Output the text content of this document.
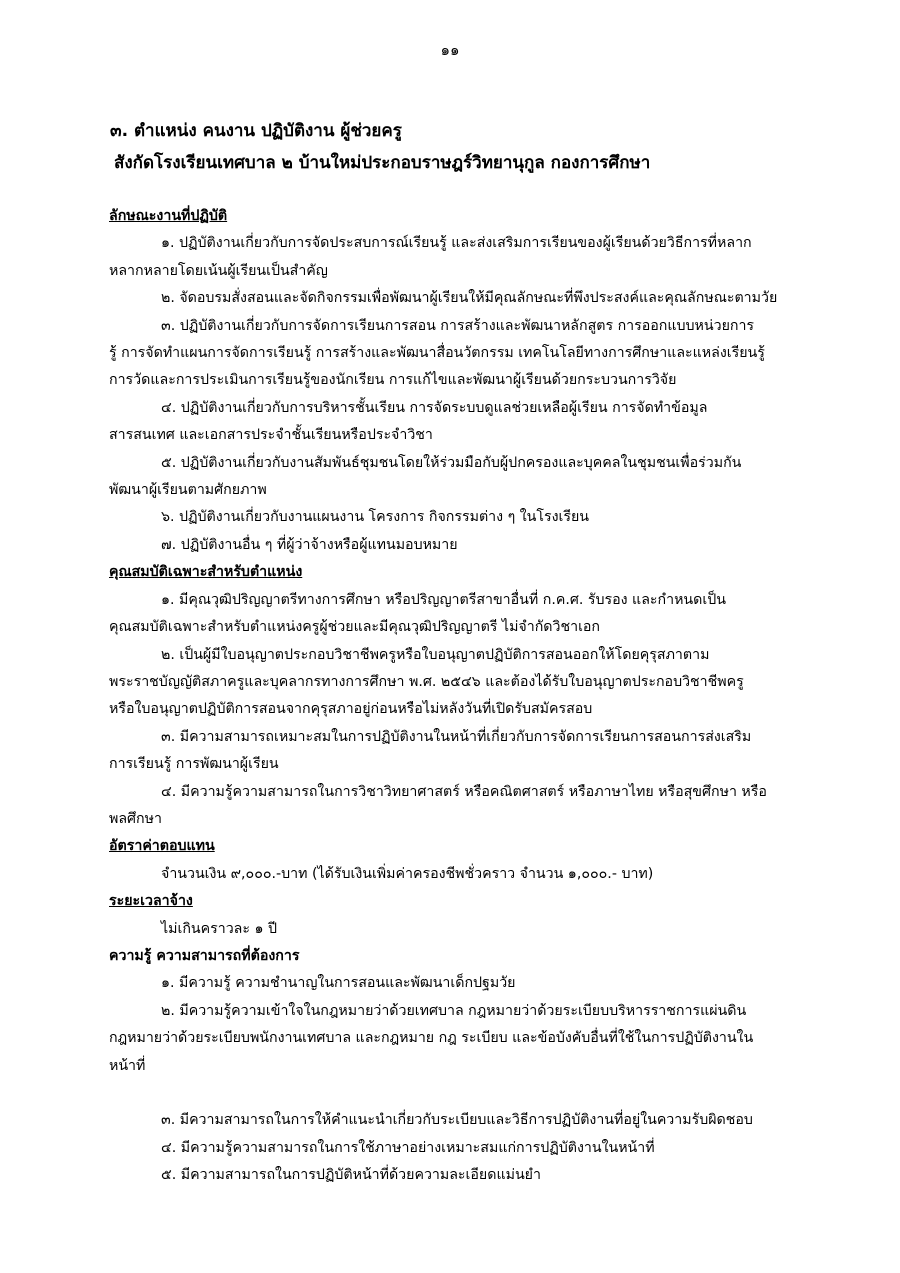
๑๑
๓. ตำแหน่ง คนงาน ปฏิบัติงาน ผู้ช่วยครู
สังกัดโรงเรียนเทศบาล ๒ บ้านใหม่ประกอบราษฎร์วิทยานุกูล กองการศึกษา
ลักษณะงานที่ปฏิบัติ
๑. ปฏิบัติงานเกี่ยวกับการจัดประสบการณ์เรียนรู้ และส่งเสริมการเรียนของผู้เรียนด้วยวิธีการที่หลาก
หลากหลายโดยเน้นผู้เรียนเป็นสำคัญ
๒. จัดอบรมสั่งสอนและจัดกิจกรรมเพื่อพัฒนาผู้เรียนให้มีคุณลักษณะที่พึงประสงค์และคุณลักษณะตามวัย
๓. ปฏิบัติงานเกี่ยวกับการจัดการเรียนการสอน การสร้างและพัฒนาหลักสูตร การออกแบบหน่วยการ
รู้ การจัดทำแผนการจัดการเรียนรู้ การสร้างและพัฒนาสื่อนวัตกรรม เทคโนโลยีทางการศึกษาและแหล่งเรียนรู้
การวัดและการประเมินการเรียนรู้ของนักเรียน การแก้ไขและพัฒนาผู้เรียนด้วยกระบวนการวิจัย
๔. ปฏิบัติงานเกี่ยวกับการบริหารชั้นเรียน การจัดระบบดูแลช่วยเหลือผู้เรียน การจัดทำข้อมูล
สารสนเทศ และเอกสารประจำชั้นเรียนหรือประจำวิชา
๕. ปฏิบัติงานเกี่ยวกับงานสัมพันธ์ชุมชนโดยให้ร่วมมือกับผู้ปกครองและบุคคลในชุมชนเพื่อร่วมกัน
พัฒนาผู้เรียนตามศักยภาพ
๖. ปฏิบัติงานเกี่ยวกับงานแผนงาน โครงการ กิจกรรมต่าง ๆ ในโรงเรียน
๗. ปฏิบัติงานอื่น ๆ ที่ผู้ว่าจ้างหรือผู้แทนมอบหมาย
คุณสมบัติเฉพาะสำหรับตำแหน่ง
๑. มีคุณวุฒิปริญญาตรีทางการศึกษา หรือปริญญาตรีสาขาอื่นที่ ก.ค.ศ. รับรอง และกำหนดเป็น
คุณสมบัติเฉพาะสำหรับตำแหน่งครูผู้ช่วยและมีคุณวุฒิปริญญาตรี ไม่จำกัดวิชาเอก
๒. เป็นผู้มีใบอนุญาตประกอบวิชาชีพครูหรือใบอนุญาตปฏิบัติการสอนออกให้โดยคุรุสภาตาม
พระราชบัญญัติสภาครูและบุคลากรทางการศึกษา พ.ศ. ๒๕๔๖ และต้องได้รับใบอนุญาตประกอบวิชาชีพครู
หรือใบอนุญาตปฏิบัติการสอนจากคุรุสภาอยู่ก่อนหรือไม่หลังวันที่เปิดรับสมัครสอบ
๓. มีความสามารถเหมาะสมในการปฏิบัติงานในหน้าที่เกี่ยวกับการจัดการเรียนการสอนการส่งเสริม
การเรียนรู้ การพัฒนาผู้เรียน
๔. มีความรู้ความสามารถในการวิชาวิทยาศาสตร์ หรือคณิตศาสตร์ หรือภาษาไทย หรือสุขศึกษา หรือ
พลศึกษา
อัตราค่าตอบแทน
จำนวนเงิน ๙,๐๐๐.-บาท (ได้รับเงินเพิ่มค่าครองชีพชั่วคราว จำนวน ๑,๐๐๐.- บาท)
ระยะเวลาจ้าง
ไม่เกินคราวละ ๑ ปี
ความรู้ ความสามารถที่ต้องการ
๑. มีความรู้ ความชำนาญในการสอนและพัฒนาเด็กปฐมวัย
๒. มีความรู้ความเข้าใจในกฎหมายว่าด้วยเทศบาล กฎหมายว่าด้วยระเบียบบริหารราชการแผ่นดิน
กฎหมายว่าด้วยระเบียบพนักงานเทศบาล และกฎหมาย กฎ ระเบียบ และข้อบังคับอื่นที่ใช้ในการปฏิบัติงานใน
หน้าที่
๓. มีความสามารถในการให้คำแนะนำเกี่ยวกับระเบียบและวิธีการปฏิบัติงานที่อยู่ในความรับผิดชอบ
๔. มีความรู้ความสามารถในการใช้ภาษาอย่างเหมาะสมแก่การปฏิบัติงานในหน้าที่
๕. มีความสามารถในการปฏิบัติหน้าที่ด้วยความละเอียดแม่นยำ
